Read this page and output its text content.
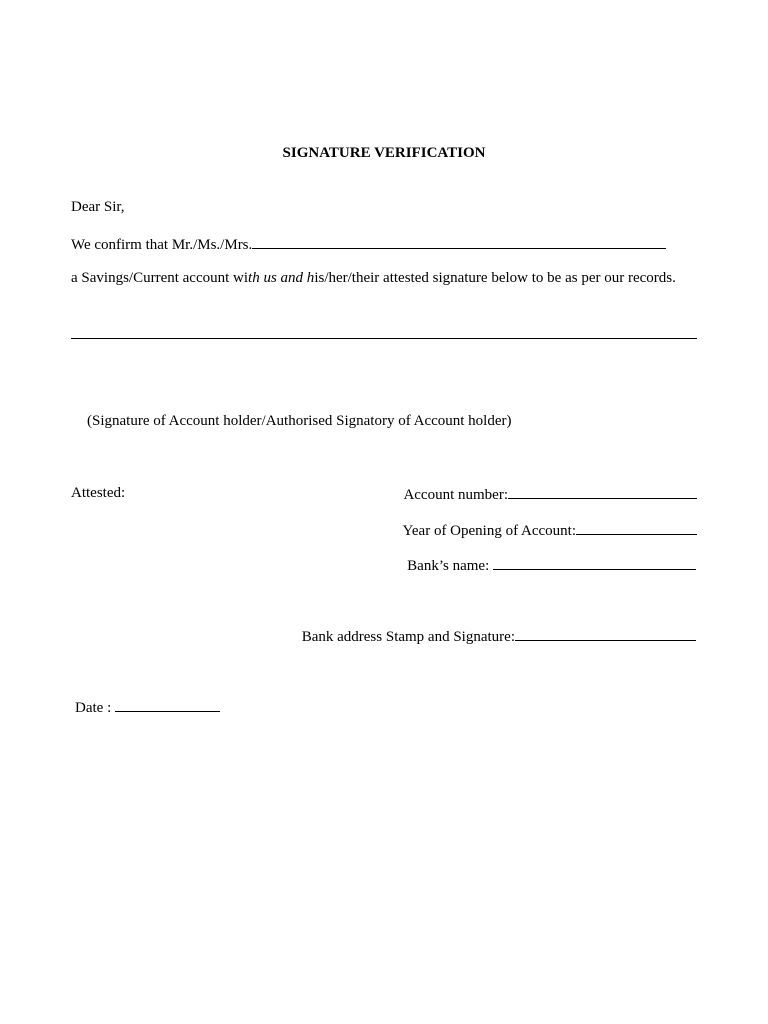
SIGNATURE VERIFICATION
Dear Sir,
We confirm that Mr./Ms./Mrs.
a Savings/Current account with us and his/her/their attested signature below to be as per our records.
(Signature of Account holder/Authorised Signatory of Account holder)
Attested:	Account number:
Year of Opening of Account:
Bank’s name:
Bank address Stamp and Signature:
Date :
